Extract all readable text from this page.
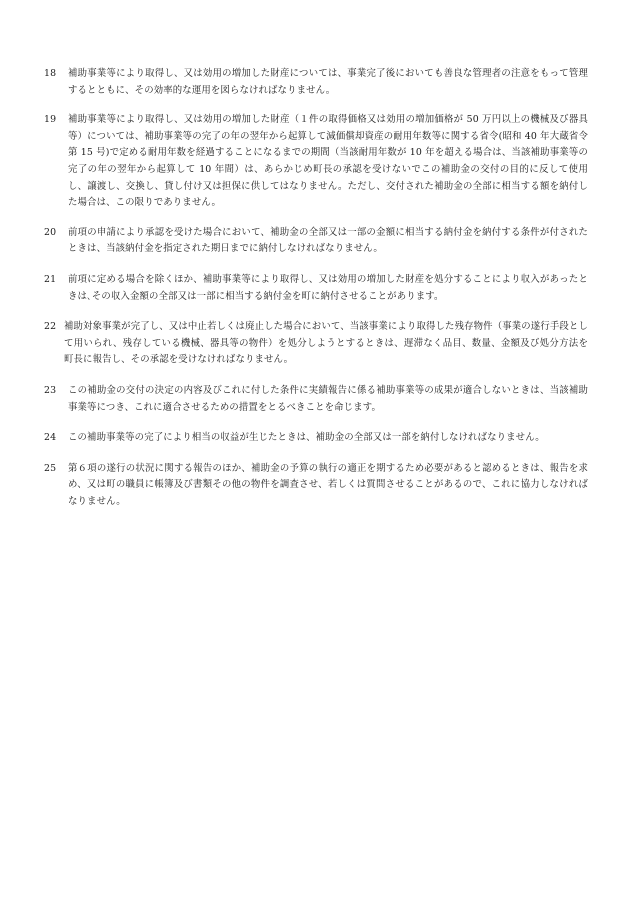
18	補助事業等により取得し、又は効用の増加した財産については、事業完了後においても善良な管理者の注意をもって管理するとともに、その効率的な運用を図らなければなりません。
19	補助事業等により取得し、又は効用の増加した財産（１件の取得価格又は効用の増加価格が 50 万円以上の機械及び器具等）については、補助事業等の完了の年の翌年から起算して減価償却資産の耐用年数等に関する省令(昭和 40 年大蔵省令第 15 号)で定める耐用年数を経過することになるまでの期間（当該耐用年数が 10 年を超える場合は、当該補助事業等の完了の年の翌年から起算して 10 年間）は、あらかじめ町長の承認を受けないでこの補助金の交付の目的に反して使用し、譲渡し、交換し、貸し付け又は担保に供してはなりません。ただし、交付された補助金の全部に相当する額を納付した場合は、この限りでありません。
20	前項の申請により承認を受けた場合において、補助金の全部又は一部の金額に相当する納付金を納付する条件が付されたときは、当該納付金を指定された期日までに納付しなければなりません。
21	前項に定める場合を除くほか、補助事業等により取得し、又は効用の増加した財産を処分することにより収入があったときは､その収入金額の全部又は一部に相当する納付金を町に納付させることがあります。
22 補助対象事業が完了し、又は中止若しくは廃止した場合において、当該事業により取得した残存物件（事業の遂行手段として用いられ、残存している機械、器具等の物件）を処分しようとするときは、遅滞なく品目、数量、金額及び処分方法を町長に報告し、その承認を受けなければなりません。
23	この補助金の交付の決定の内容及びこれに付した条件に実績報告に係る補助事業等の成果が適合しないときは、当該補助事業等につき、これに適合させるための措置をとるべきことを命じます。
24	この補助事業等の完了により相当の収益が生じたときは、補助金の全部又は一部を納付しなければなりません。
25	第６項の遂行の状況に関する報告のほか、補助金の予算の執行の適正を期するため必要があると認めるときは、報告を求め、又は町の職員に帳簿及び書類その他の物件を調査させ、若しくは質問させることがあるので、これに協力しなければなりません。
